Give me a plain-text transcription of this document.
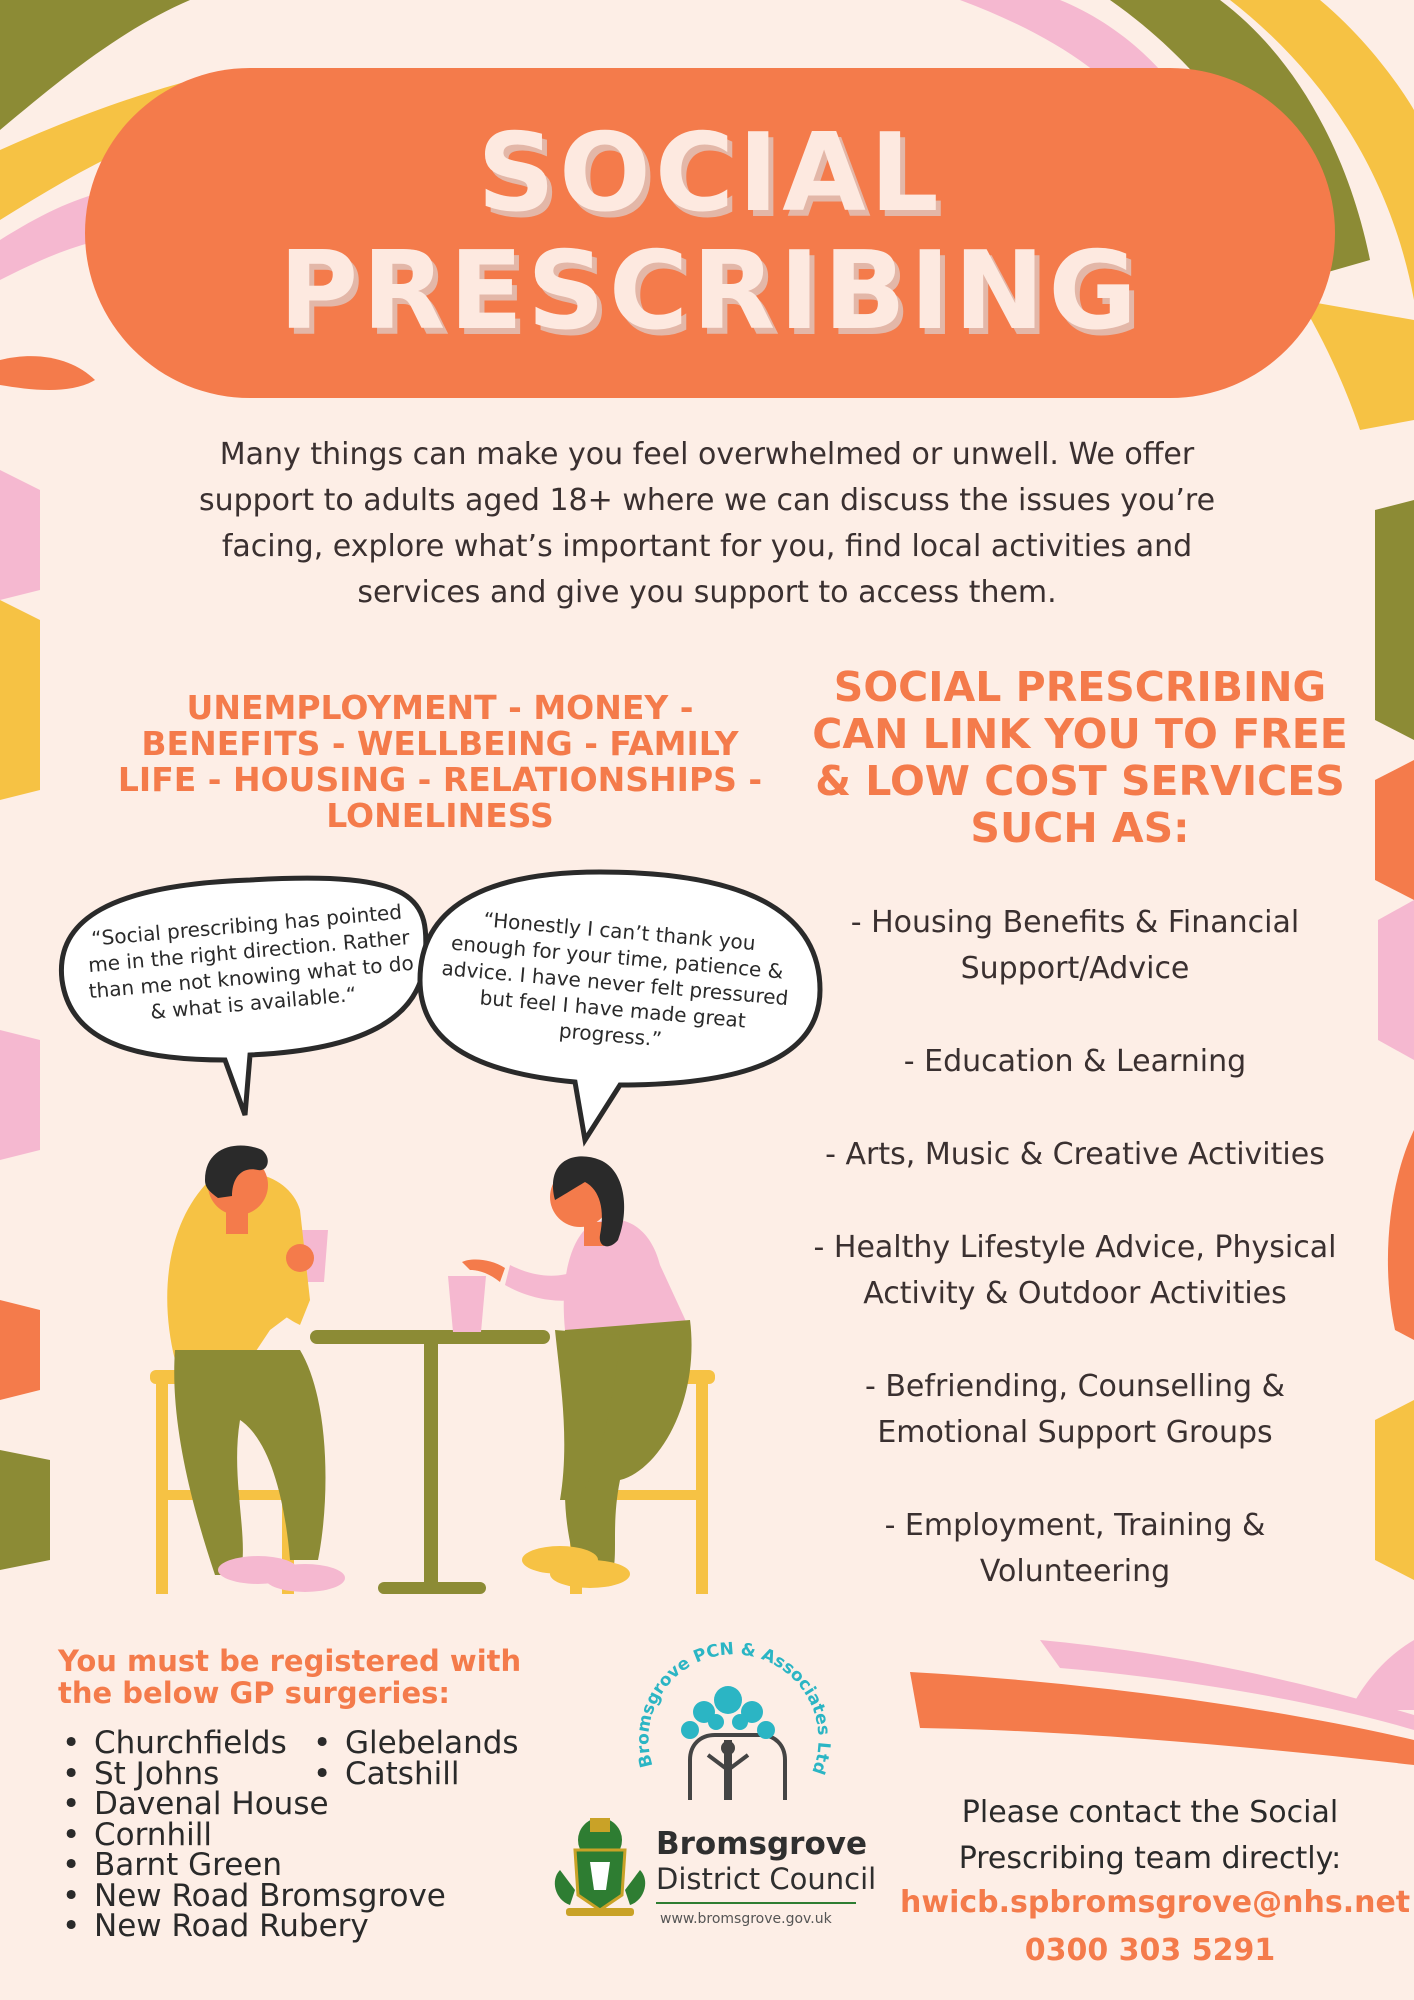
SOCIAL
PRESCRIBING

Many things can make you feel overwhelmed or unwell. We offer support to adults aged 18+ where we can discuss the issues you’re facing, explore what’s important for you, find local activities and services and give you support to access them.

UNEMPLOYMENT - MONEY - BENEFITS - WELLBEING - FAMILY LIFE - HOUSING - RELATIONSHIPS - LONELINESS
SOCIAL PRESCRIBING CAN LINK YOU TO FREE & LOW COST SERVICES SUCH AS:
- Housing Benefits & Financial Support/Advice
- Education & Learning
- Arts, Music & Creative Activities
- Healthy Lifestyle Advice, Physical Activity & Outdoor Activities
- Befriending, Counselling & Emotional Support Groups
- Employment, Training & Volunteering
“Social prescribing has pointed me in the right direction. Rather than me not knowing what to do & what is available.“
“Honestly I can’t thank you enough for your time, patience & advice. I have never felt pressured but feel I have made great progress.”
You must be registered with the below GP surgeries:
• Churchfields
• St Johns
• Davenal House
• Cornhill
• Barnt Green
• New Road Bromsgrove
• New Road Rubery
• Glebelands
• Catshill	Bromsgrove PCN & Associates Ltd
Bromsgrove
District Council
www.bromsgrove.gov.uk
Please contact the Social Prescribing team directly:
hwicb.spbromsgrove@nhs.net
0300 303 5291
